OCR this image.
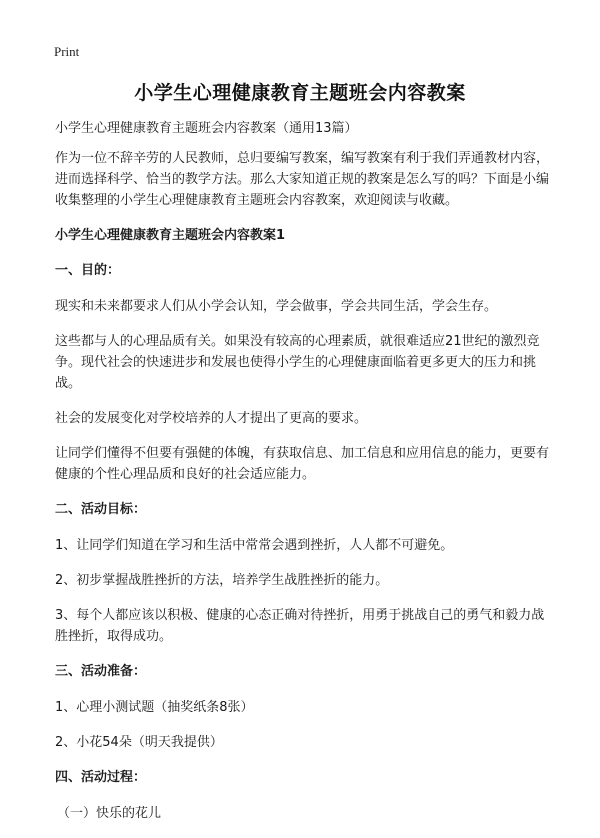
Print
小学生心理健康教育主题班会内容教案

小学生心理健康教育主题班会内容教案（通用13篇）

作为一位不辞辛劳的人民教师，总归要编写教案，编写教案有利于我们弄通教材内容，进而选择科学、恰当的教学方法。那么大家知道正规的教案是怎么写的吗？下面是小编收集整理的小学生心理健康教育主题班会内容教案，欢迎阅读与收藏。

小学生心理健康教育主题班会内容教案1

一、目的：

现实和未来都要求人们从小学会认知，学会做事，学会共同生活，学会生存。

这些都与人的心理品质有关。如果没有较高的心理素质，就很难适应21世纪的激烈竞争。现代社会的快速进步和发展也使得小学生的心理健康面临着更多更大的压力和挑战。

社会的发展变化对学校培养的人才提出了更高的要求。

让同学们懂得不但要有强健的体魄，有获取信息、加工信息和应用信息的能力，更要有健康的个性心理品质和良好的社会适应能力。

二、活动目标：

1、让同学们知道在学习和生活中常常会遇到挫折，人人都不可避免。

2、初步掌握战胜挫折的方法，培养学生战胜挫折的能力。

3、每个人都应该以积极、健康的心态正确对待挫折，用勇于挑战自己的勇气和毅力战胜挫折，取得成功。

三、活动准备：

1、心理小测试题（抽奖纸条8张）

2、小花54朵（明天我提供）

四、活动过程：

（一）快乐的花儿
